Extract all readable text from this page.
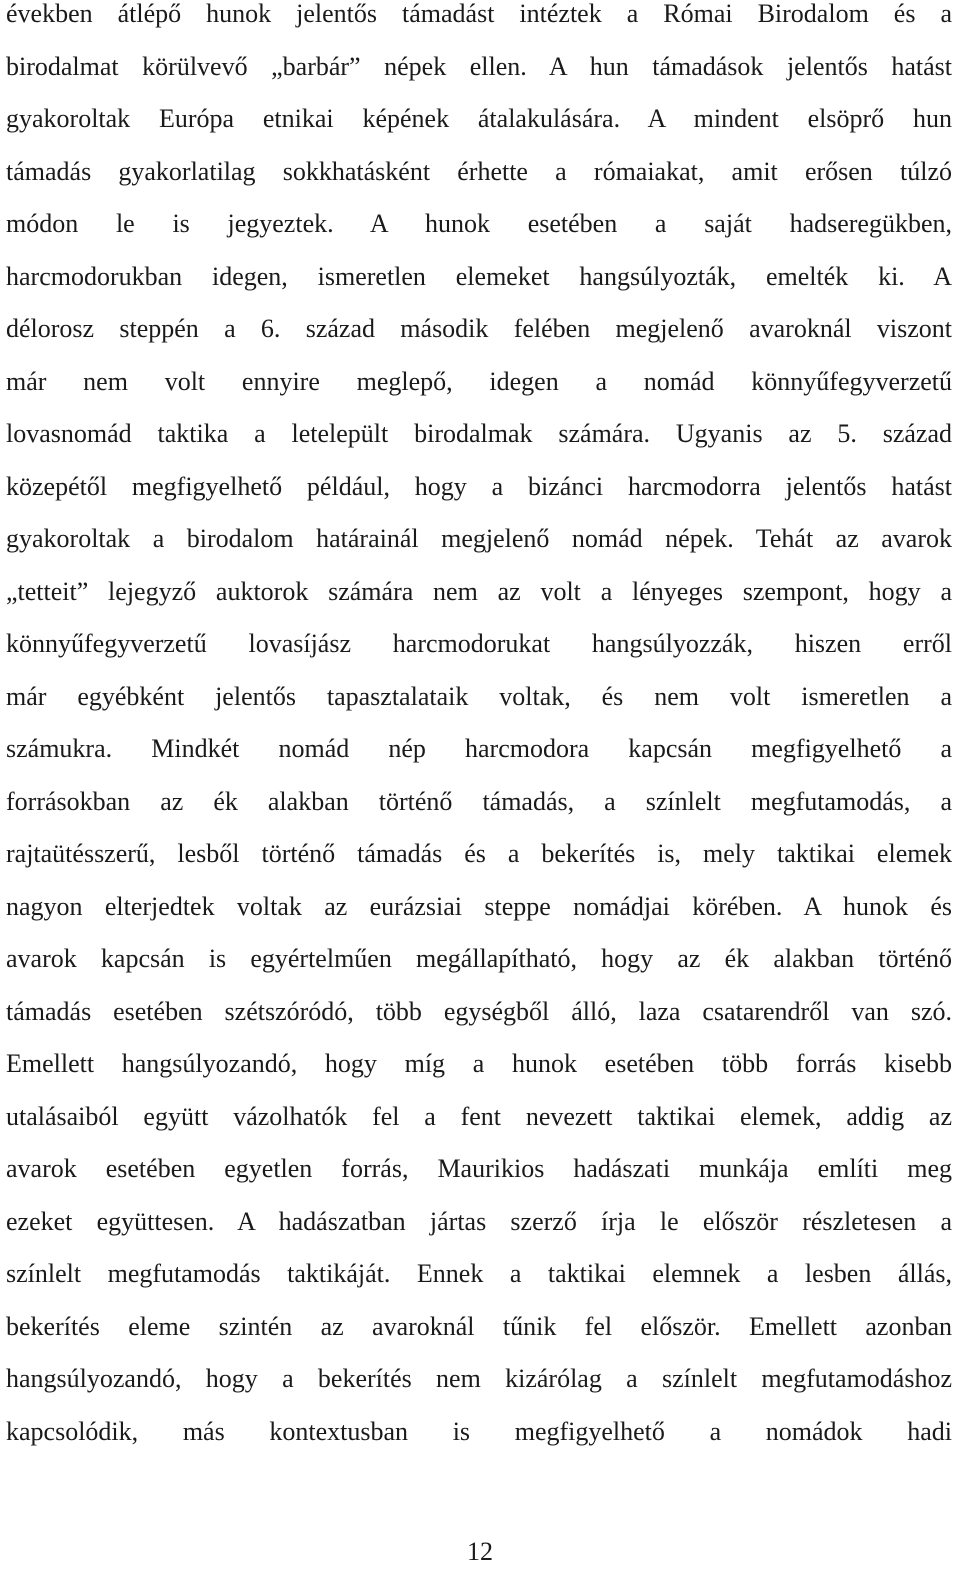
években átlépő hunok jelentős támadást intéztek a Római Birodalom és a
birodalmat körülvevő „barbár” népek ellen. A hun támadások jelentős hatást
gyakoroltak Európa etnikai képének átalakulására. A mindent elsöprő hun
támadás gyakorlatilag sokkhatásként érhette a rómaiakat, amit erősen túlzó
módon le is jegyeztek. A hunok esetében a saját hadseregükben,
harcmodorukban idegen, ismeretlen elemeket hangsúlyozták, emelték ki. A
délorosz steppén a 6. század második felében megjelenő avaroknál viszont
már nem volt ennyire meglepő, idegen a nomád könnyűfegyverzetű
lovasnomád taktika a letelepült birodalmak számára. Ugyanis az 5. század
közepétől megfigyelhető például, hogy a bizánci harcmodorra jelentős hatást
gyakoroltak a birodalom határainál megjelenő nomád népek. Tehát az avarok
„tetteit” lejegyző auktorok számára nem az volt a lényeges szempont, hogy a
könnyűfegyverzetű lovasíjász harcmodorukat hangsúlyozzák, hiszen erről
már egyébként jelentős tapasztalataik voltak, és nem volt ismeretlen a
számukra. Mindkét nomád nép harcmodora kapcsán megfigyelhető a
forrásokban az ék alakban történő támadás, a színlelt megfutamodás, a
rajtaütésszerű, lesből történő támadás és a bekerítés is, mely taktikai elemek
nagyon elterjedtek voltak az eurázsiai steppe nomádjai körében. A hunok és
avarok kapcsán is egyértelműen megállapítható, hogy az ék alakban történő
támadás esetében szétszóródó, több egységből álló, laza csatarendről van szó.
Emellett hangsúlyozandó, hogy míg a hunok esetében több forrás kisebb
utalásaiból együtt vázolhatók fel a fent nevezett taktikai elemek, addig az
avarok esetében egyetlen forrás, Maurikios hadászati munkája említi meg
ezeket együttesen. A hadászatban jártas szerző írja le először részletesen a
színlelt megfutamodás taktikáját. Ennek a taktikai elemnek a lesben állás,
bekerítés eleme szintén az avaroknál tűnik fel először. Emellett azonban
hangsúlyozandó, hogy a bekerítés nem kizárólag a színlelt megfutamodáshoz
kapcsolódik, más kontextusban is megfigyelhető a nomádok hadi
12
